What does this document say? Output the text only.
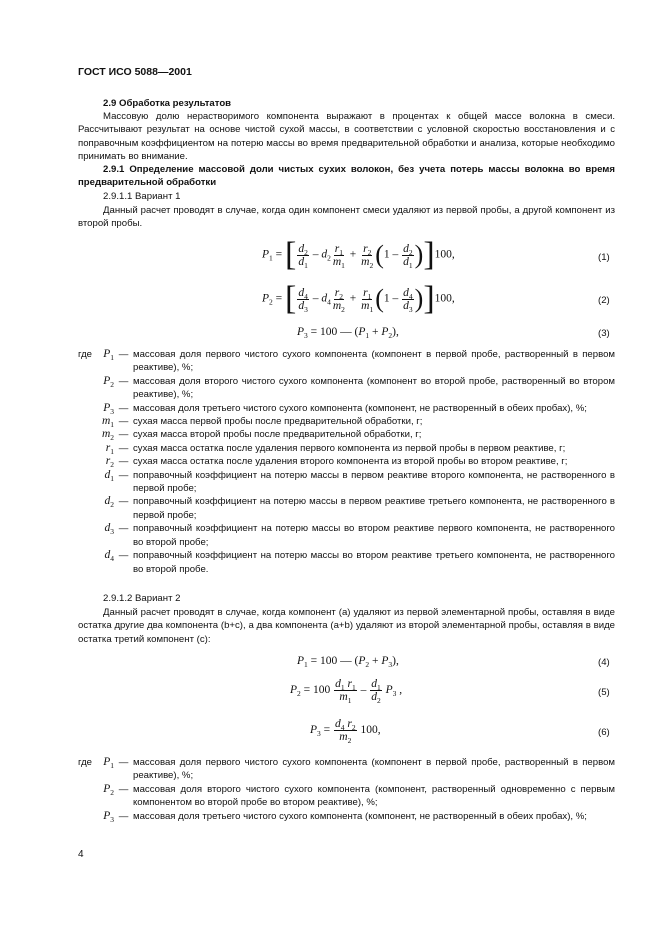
ГОСТ ИСО 5088—2001
2.9 Обработка результатов
Массовую долю нерастворимого компонента выражают в процентах к общей массе волокна в смеси. Рассчитывают результат на основе чистой сухой массы, в соответствии с условной скоростью восстановления и с поправочным коэффициентом на потерю массы во время предварительной обработки и анализа, которые необходимо принимать во внимание.
2.9.1 Определение массовой доли чистых сухих волокон, без учета потерь массы волокна во время предварительной обработки
2.9.1.1 Вариант 1
Данный расчет проводят в случае, когда один компонент смеси удаляют из первой пробы, а другой компонент из второй пробы.
$P_1$ = [ $\frac{d_2}{d_1} - d_2 \frac{r_1}{m_1} + \frac{r_2}{m_2} (1 - \frac{d_2}{d_1} )]100$,	(1)
$P_2$ = [ $\frac{d_4}{d_3} - d_4 \frac{r_2}{m_2} + \frac{r_1}{m_1} (1 - \frac{d_4}{d_3} )]100$,	(2)
$P_3 = 100$ — $(P_1 + P_2)$,	(3)
где $P_1$ — массовая доля первого чистого сухого компонента (компонент в первой пробе, растворенный в первом реактиве), %;
$P_2$ — массовая доля второго чистого сухого компонента (компонент во второй пробе, растворенный во втором реактиве), %;
$P_3$ — массовая доля третьего чистого сухого компонента (компонент, не растворенный в обеих пробах), %;
$m_1$ — сухая масса первой пробы после предварительной обработки, г;
$m_2$ — сухая масса второй пробы после предварительной обработки, г;
$r_1$ — сухая масса остатка после удаления первого компонента из первой пробы в первом реактиве, г;
$r_2$ — сухая масса остатка после удаления второго компонента из второй пробы во втором реактиве, г;
$d_1$ — поправочный коэффициент на потерю массы в первом реактиве второго компонента, не растворенного в первой пробе;
$d_2$ — поправочный коэффициент на потерю массы в первом реактиве третьего компонента, не растворенного в первой пробе;
$d_3$ — поправочный коэффициент на потерю массы во втором реактиве первого компонента, не растворенного во второй пробе;
$d_4$ — поправочный коэффициент на потерю массы во втором реактиве третьего компонента, не растворенного во второй пробе.
2.9.1.2 Вариант 2
Данный расчет проводят в случае, когда компонент (a) удаляют из первой элементарной пробы, оставляя в виде остатка другие два компонента (b+c), а два компонента (a+b) удаляют из второй элементарной пробы, оставляя в виде остатка третий компонент (c):
$P_1 = 100$ — $(P_2 + P_3)$,	(4)
$P_2 = 100 \frac{d_1 r_1}{m_1} - \frac{d_1}{d_2} P_3$ ,	(5)
$P_3 = \frac{d_4 r_2}{m_2} 100$,	(6)
где $P_1$ — массовая доля первого чистого сухого компонента (компонент в первой пробе, растворенный в первом реактиве), %;
$P_2$ — массовая доля второго чистого сухого компонента (компонент, растворенный одновременно с первым компонентом во второй пробе во втором реактиве), %;
$P_3$ — массовая доля третьего чистого сухого компонента (компонент, не растворенный в обеих пробах), %;
4
